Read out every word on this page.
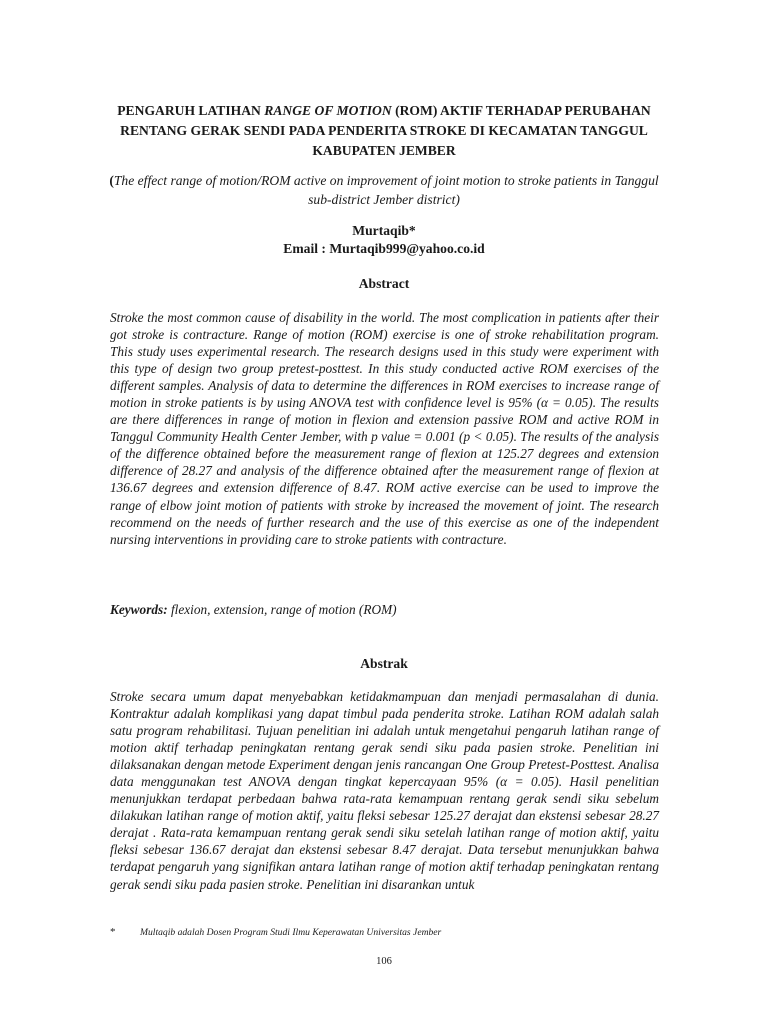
PENGARUH LATIHAN RANGE OF MOTION (ROM) AKTIF TERHADAP PERUBAHAN
RENTANG GERAK SENDI PADA PENDERITA STROKE DI KECAMATAN TANGGUL
KABUPATEN JEMBER
(The effect range of motion/ROM active on improvement of joint motion to stroke patients in Tanggul sub-district Jember district)
Murtaqib*
Email : Murtaqib999@yahoo.co.id
Abstract

Stroke the most common cause of disability in the world. The most complication in patients after their got stroke is contracture. Range of motion (ROM) exercise is one of stroke rehabilitation program. This study uses experimental research. The research designs used in this study were experiment with this type of design two group pretest-posttest. In this study conducted active ROM exercises of the different samples. Analysis of data to determine the differences in ROM exercises to increase range of motion in stroke patients is by using ANOVA test with confidence level is 95% (α = 0.05). The results are there differences in range of motion in flexion and extension passive ROM and active ROM in Tanggul Community Health Center Jember, with p value = 0.001 (p < 0.05). The results of the analysis of the difference obtained before the measurement range of flexion at 125.27 degrees and extension difference of 28.27 and analysis of the difference obtained after the measurement range of flexion at 136.67 degrees and extension difference of 8.47. ROM active exercise can be used to improve the range of elbow joint motion of patients with stroke by increased the movement of joint. The research recommend on the needs of further research and the use of this exercise as one of the independent nursing interventions in providing care to stroke patients with contracture.

Keywords: flexion, extension, range of motion (ROM)
Abstrak

Stroke secara umum dapat menyebabkan ketidakmampuan dan menjadi permasalahan di dunia. Kontraktur adalah komplikasi yang dapat timbul pada penderita stroke. Latihan ROM adalah salah satu program rehabilitasi. Tujuan penelitian ini adalah untuk mengetahui pengaruh latihan range of motion aktif terhadap peningkatan rentang gerak sendi siku pada pasien stroke. Penelitian ini dilaksanakan dengan metode Experiment dengan jenis rancangan One Group Pretest-Posttest. Analisa data menggunakan test ANOVA dengan tingkat kepercayaan 95% (α = 0.05). Hasil penelitian menunjukkan terdapat perbedaan bahwa rata-rata kemampuan rentang gerak sendi siku sebelum dilakukan latihan range of motion aktif, yaitu fleksi sebesar 125.27 derajat dan ekstensi sebesar 28.27 derajat . Rata-rata kemampuan rentang gerak sendi siku setelah latihan range of motion aktif, yaitu fleksi sebesar 136.67 derajat dan ekstensi sebesar 8.47 derajat. Data tersebut menunjukkan bahwa terdapat pengaruh yang signifikan antara latihan range of motion aktif terhadap peningkatan rentang gerak sendi siku pada pasien stroke. Penelitian ini disarankan untuk

*	Multaqib adalah Dosen Program Studi Ilmu Keperawatan Universitas Jember
106
